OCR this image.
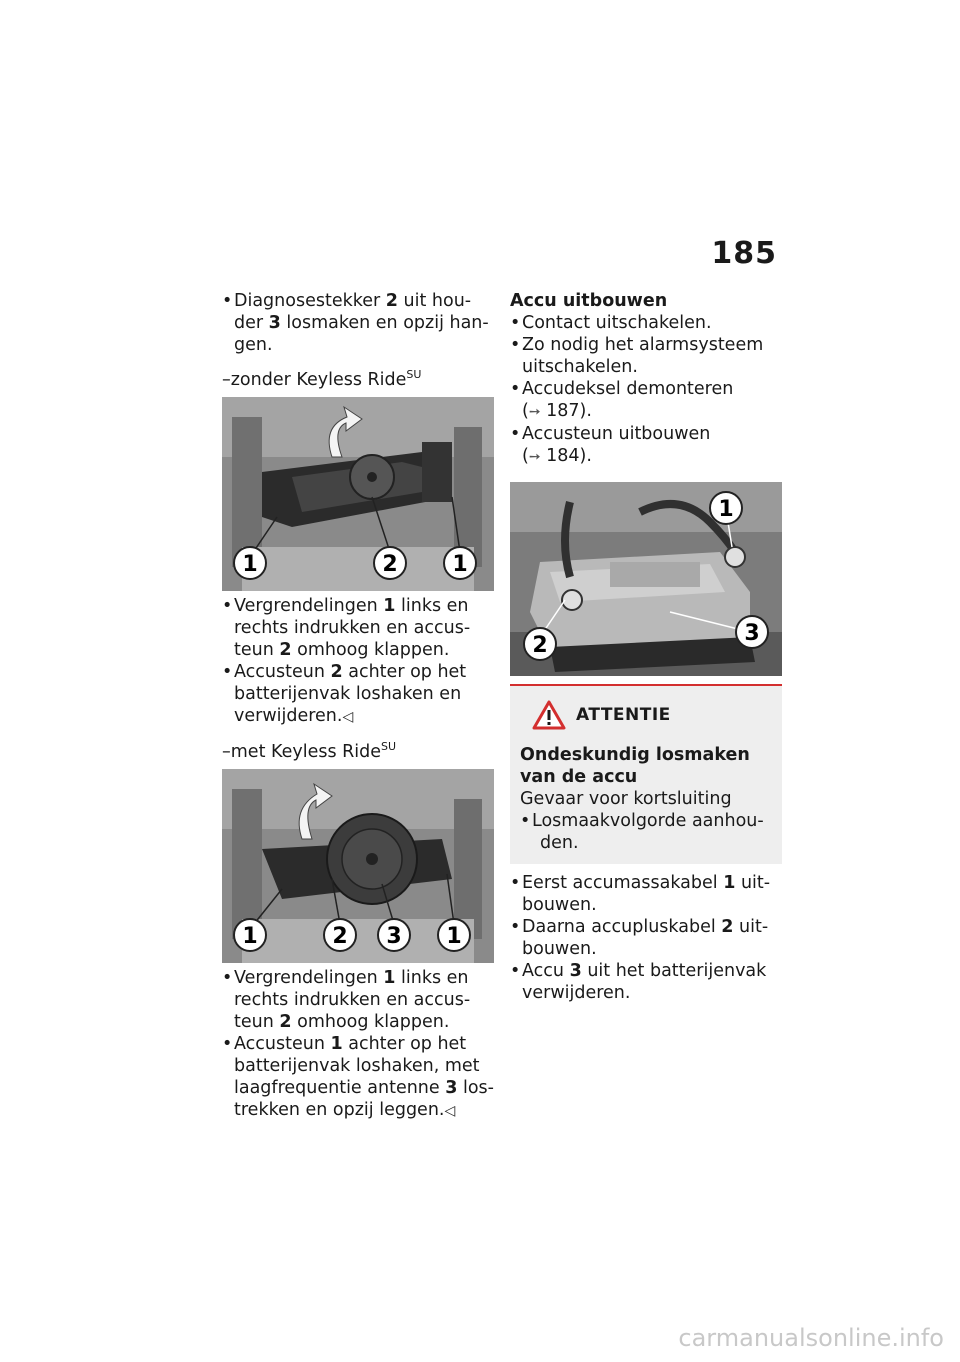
185
• Diagnosestekker 2 uit hou-
der 3 losmaken en opzij han-
gen.
–zonder Keyless Ride$^{SU}$
1	2 1
• Vergrendelingen 1 links en
rechts indrukken en accus-
teun 2 omhoog klappen.
• Accusteun 2 achter op het
batterijenvak loshaken en
verwijderen.◁
–met Keyless Ride$^{SU}$
1	2 3 1
• Vergrendelingen 1 links en
rechts indrukken en accus-
teun 2 omhoog klappen.
• Accusteun 1 achter op het
batterijenvak loshaken, met
laagfrequentie antenne 3 los-
trekken en opzij leggen.◁
Accu uitbouwen
• Contact uitschakelen.
• Zo nodig het alarmsysteem
uitschakelen.
• Accudeksel demonteren
(➙ 187).
• Accusteun uitbouwen
(➙ 184).
1
2	3
ATTENTIE
Ondeskundig losmaken van de accu
Gevaar voor kortsluiting
• Losmaakvolgorde aanhou-
den.
• Eerst accumassakabel 1 uit-
bouwen.
• Daarna accupluskabel 2 uit-
bouwen.
• Accu 3 uit het batterijenvak
verwijderen.
carmanualsonline.info
